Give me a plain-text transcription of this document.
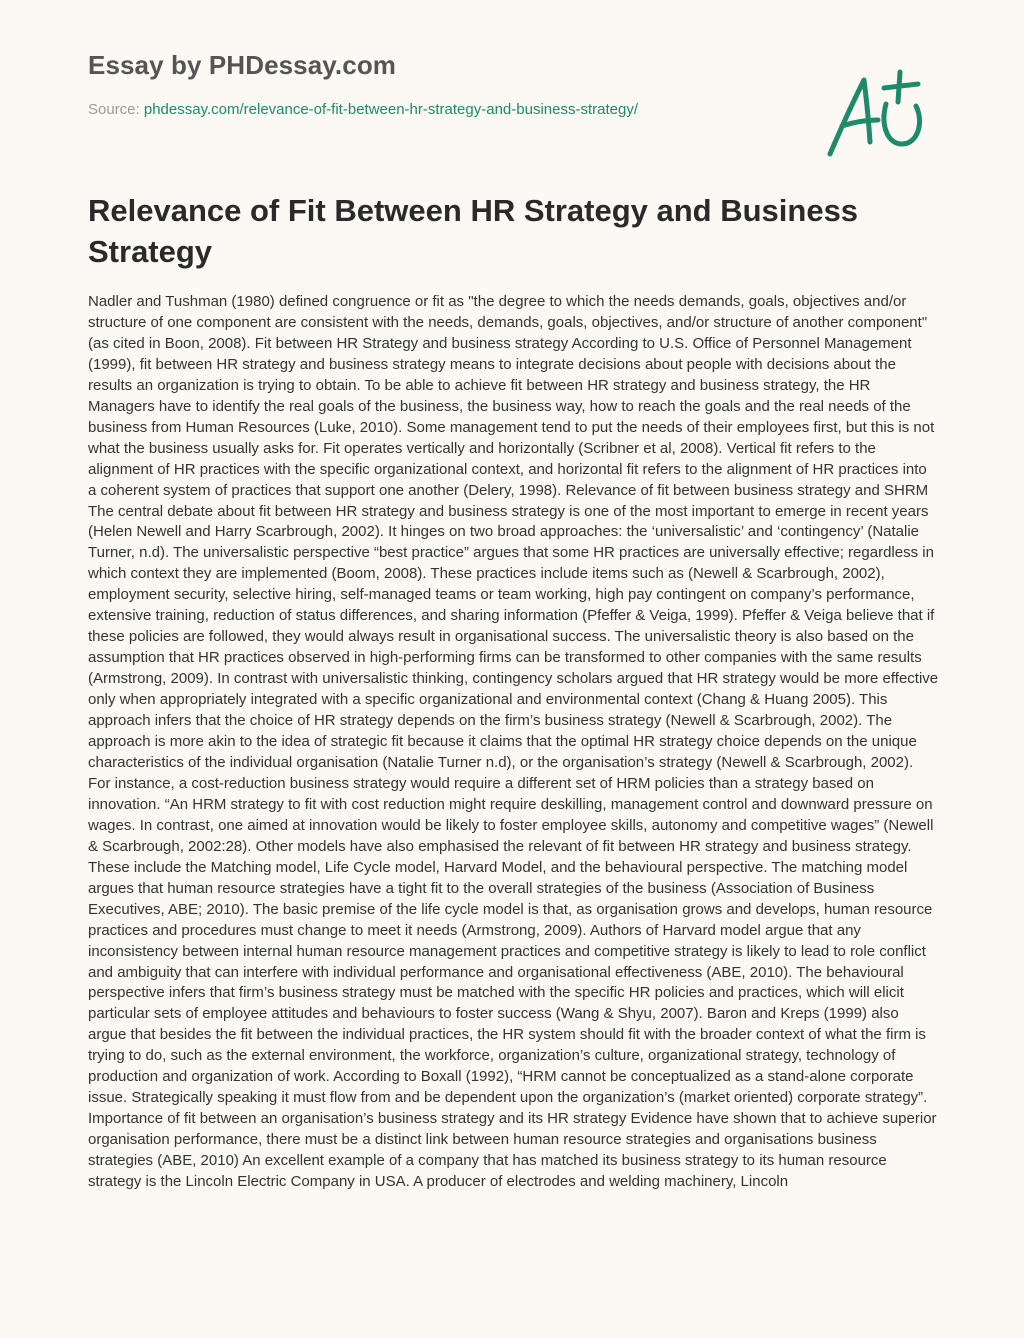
Essay by PHDessay.com
Source: phdessay.com/relevance-of-fit-between-hr-strategy-and-business-strategy/
Relevance of Fit Between HR Strategy and Business Strategy

Nadler and Tushman (1980) defined congruence or fit as "the degree to which the needs demands, goals, objectives and/or structure of one component are consistent with the needs, demands, goals, objectives, and/or structure of another component" (as cited in Boon, 2008). Fit between HR Strategy and business strategy According to U.S. Office of Personnel Management (1999), fit between HR strategy and business strategy means to integrate decisions about people with decisions about the results an organization is trying to obtain. To be able to achieve fit between HR strategy and business strategy, the HR Managers have to identify the real goals of the business, the business way, how to reach the goals and the real needs of the business from Human Resources (Luke, 2010). Some management tend to put the needs of their employees first, but this is not what the business usually asks for. Fit operates vertically and horizontally (Scribner et al, 2008). Vertical fit refers to the alignment of HR practices with the specific organizational context, and horizontal fit refers to the alignment of HR practices into a coherent system of practices that support one another (Delery, 1998). Relevance of fit between business strategy and SHRM The central debate about fit between HR strategy and business strategy is one of the most important to emerge in recent years (Helen Newell and Harry Scarbrough, 2002). It hinges on two broad approaches: the ‘universalistic’ and ‘contingency’ (Natalie Turner, n.d). The universalistic perspective “best practice” argues that some HR practices are universally effective; regardless in which context they are implemented (Boom, 2008). These practices include items such as (Newell & Scarbrough, 2002), employment security, selective hiring, self-managed teams or team working, high pay contingent on company’s performance, extensive training, reduction of status differences, and sharing information (Pfeffer & Veiga, 1999). Pfeffer & Veiga believe that if these policies are followed, they would always result in organisational success. The universalistic theory is also based on the assumption that HR practices observed in high-performing firms can be transformed to other companies with the same results (Armstrong, 2009). In contrast with universalistic thinking, contingency scholars argued that HR strategy would be more effective only when appropriately integrated with a specific organizational and environmental context (Chang & Huang 2005). This approach infers that the choice of HR strategy depends on the firm’s business strategy (Newell & Scarbrough, 2002). The approach is more akin to the idea of strategic fit because it claims that the optimal HR strategy choice depends on the unique characteristics of the individual organisation (Natalie Turner n.d), or the organisation’s strategy (Newell & Scarbrough, 2002). For instance, a cost-reduction business strategy would require a different set of HRM policies than a strategy based on innovation. “An HRM strategy to fit with cost reduction might require deskilling, management control and downward pressure on wages. In contrast, one aimed at innovation would be likely to foster employee skills, autonomy and competitive wages” (Newell & Scarbrough, 2002:28). Other models have also emphasised the relevant of fit between HR strategy and business strategy. These include the Matching model, Life Cycle model, Harvard Model, and the behavioural perspective. The matching model argues that human resource strategies have a tight fit to the overall strategies of the business (Association of Business Executives, ABE; 2010). The basic premise of the life cycle model is that, as organisation grows and develops, human resource practices and procedures must change to meet it needs (Armstrong, 2009). Authors of Harvard model argue that any inconsistency between internal human resource management practices and competitive strategy is likely to lead to role conflict and ambiguity that can interfere with individual performance and organisational effectiveness (ABE, 2010). The behavioural perspective infers that firm’s business strategy must be matched with the specific HR policies and practices, which will elicit particular sets of employee attitudes and behaviours to foster success (Wang & Shyu, 2007). Baron and Kreps (1999) also argue that besides the fit between the individual practices, the HR system should fit with the broader context of what the firm is trying to do, such as the external environment, the workforce, organization’s culture, organizational strategy, technology of production and organization of work. According to Boxall (1992), “HRM cannot be conceptualized as a stand-alone corporate issue. Strategically speaking it must flow from and be dependent upon the organization’s (market oriented) corporate strategy”. Importance of fit between an organisation’s business strategy and its HR strategy Evidence have shown that to achieve superior organisation performance, there must be a distinct link between human resource strategies and organisations business strategies (ABE, 2010) An excellent example of a company that has matched its business strategy to its human resource strategy is the Lincoln Electric Company in USA. A producer of electrodes and welding machinery, Lincoln
